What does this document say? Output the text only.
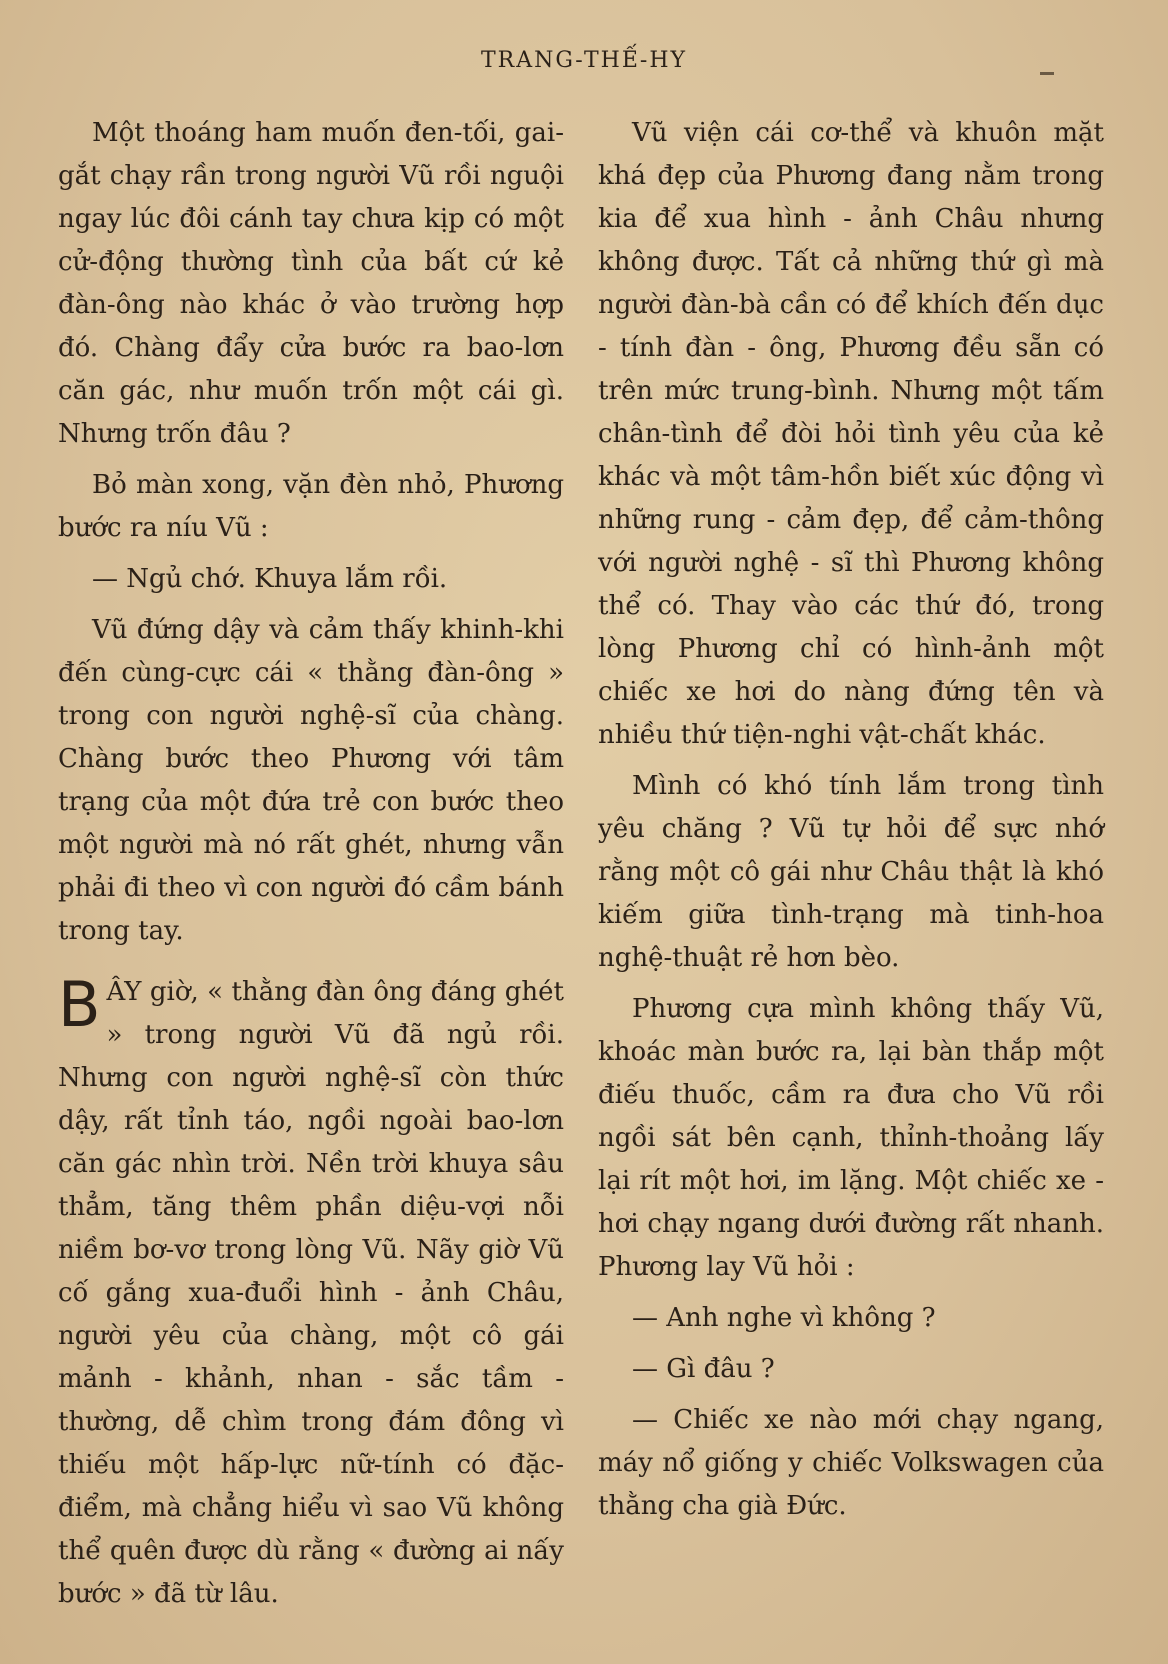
TRANG-THẾ-HY

Một thoáng ham muốn đen-tối, gai-gắt chạy rần trong người Vũ rồi nguội ngay lúc đôi cánh tay chưa kịp có một cử-động thường tình của bất cứ kẻ đàn-ông nào khác ở vào trường hợp đó. Chàng đẩy cửa bước ra bao-lơn căn gác, như muốn trốn một cái gì. Nhưng trốn đâu ?

Bỏ màn xong, vặn đèn nhỏ, Phương bước ra níu Vũ :

— Ngủ chớ. Khuya lắm rồi.

Vũ đứng dậy và cảm thấy khinh-khi đến cùng-cực cái « thằng đàn-ông » trong con người nghệ-sĩ của chàng. Chàng bước theo Phương với tâm trạng của một đứa trẻ con bước theo một người mà nó rất ghét, nhưng vẫn phải đi theo vì con người đó cầm bánh trong tay.

BÂY giờ, « thằng đàn ông đáng ghét » trong người Vũ đã ngủ rồi. Nhưng con người nghệ-sĩ còn thức dậy, rất tỉnh táo, ngồi ngoài bao-lơn căn gác nhìn trời. Nền trời khuya sâu thẳm, tăng thêm phần diệu-vợi nỗi niềm bơ-vơ trong lòng Vũ. Nãy giờ Vũ cố gắng xua-đuổi hình - ảnh Châu, người yêu của chàng, một cô gái mảnh - khảnh, nhan - sắc tầm - thường, dễ chìm trong đám đông vì thiếu một hấp-lực nữ-tính có đặc-điểm, mà chẳng hiểu vì sao Vũ không thể quên được dù rằng « đường ai nấy bước » đã từ lâu.

Vũ viện cái cơ-thể và khuôn mặt khá đẹp của Phương đang nằm trong kia để xua hình - ảnh Châu nhưng không được. Tất cả những thứ gì mà người đàn-bà cần có để khích đến dục - tính đàn - ông, Phương đều sẵn có trên mức trung-bình. Nhưng một tấm chân-tình để đòi hỏi tình yêu của kẻ khác và một tâm-hồn biết xúc động vì những rung - cảm đẹp, để cảm-thông với người nghệ - sĩ thì Phương không thể có. Thay vào các thứ đó, trong lòng Phương chỉ có hình-ảnh một chiếc xe hơi do nàng đứng tên và nhiều thứ tiện-nghi vật-chất khác.

Mình có khó tính lắm trong tình yêu chăng ? Vũ tự hỏi để sực nhớ rằng một cô gái như Châu thật là khó kiếm giữa tình-trạng mà tinh-hoa nghệ-thuật rẻ hơn bèo.

Phương cựa mình không thấy Vũ, khoác màn bước ra, lại bàn thắp một điếu thuốc, cầm ra đưa cho Vũ rồi ngồi sát bên cạnh, thỉnh-thoảng lấy lại rít một hơi, im lặng. Một chiếc xe - hơi chạy ngang dưới đường rất nhanh. Phương lay Vũ hỏi :

— Anh nghe vì không ?

— Gì đâu ?

— Chiếc xe nào mới chạy ngang, máy nổ giống y chiếc Volkswagen của thằng cha già Đức.
